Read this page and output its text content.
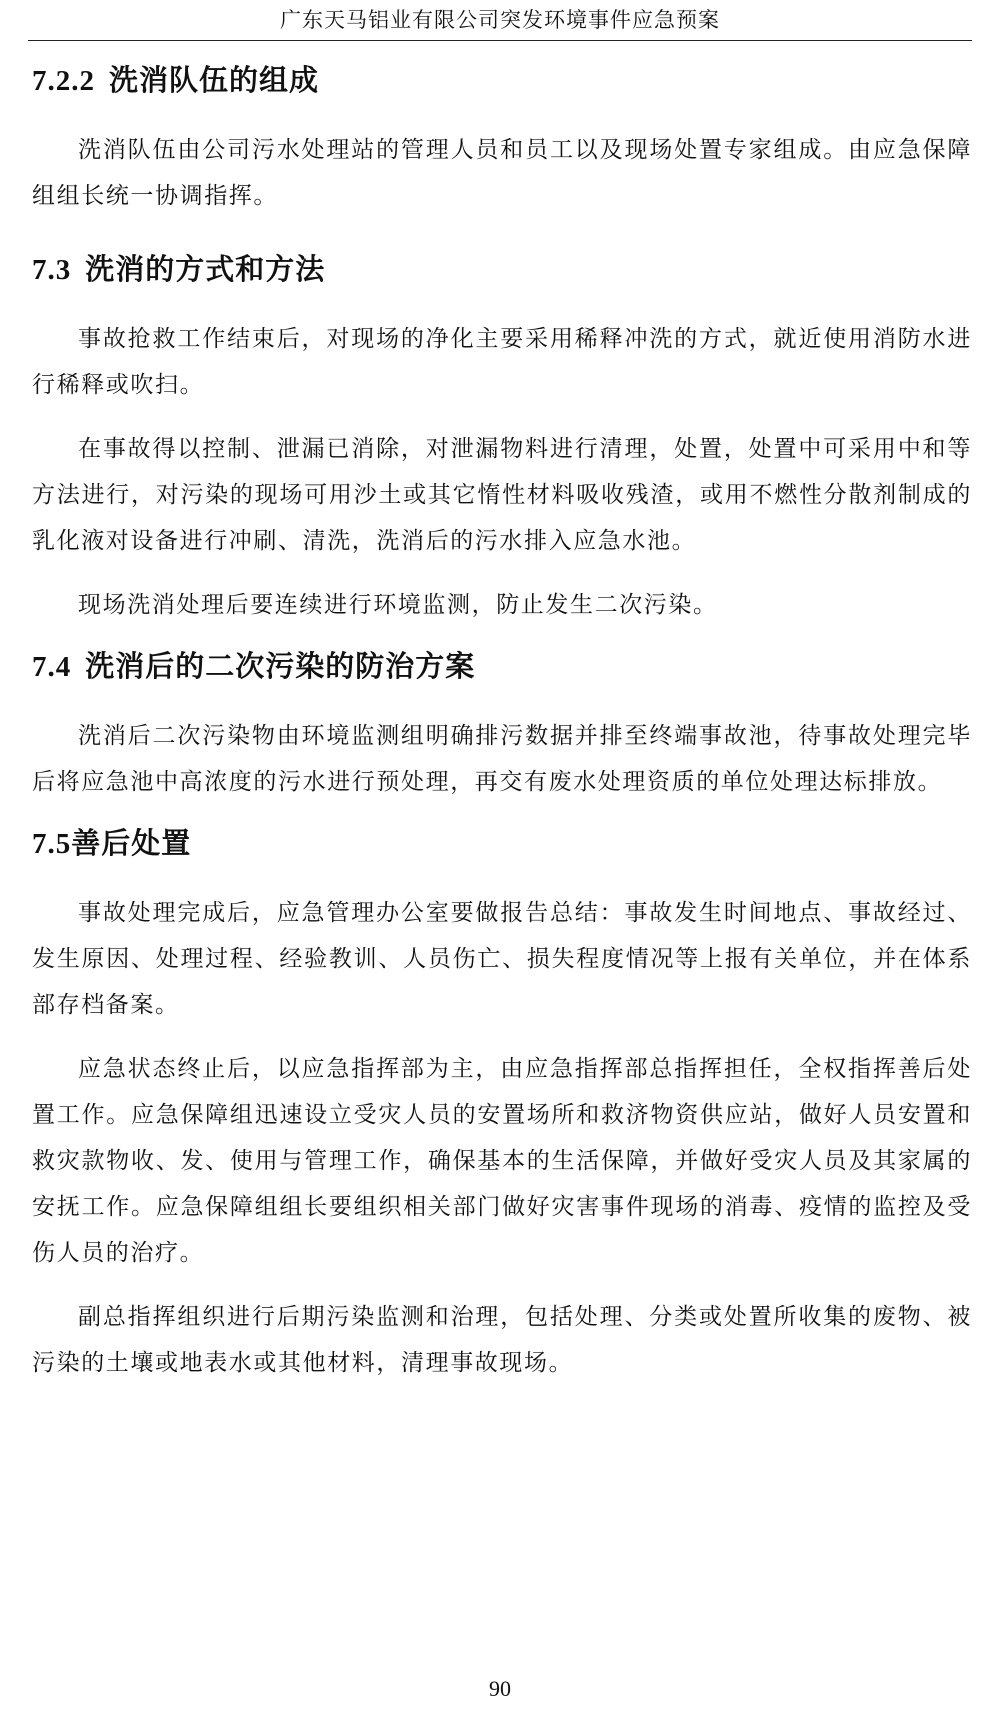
广东天马铝业有限公司突发环境事件应急预案
7.2.2 洗消队伍的组成

洗消队伍由公司污水处理站的管理人员和员工以及现场处置专家组成。由应急保障组组长统一协调指挥。

7.3 洗消的方式和方法

事故抢救工作结束后，对现场的净化主要采用稀释冲洗的方式，就近使用消防水进行稀释或吹扫。

在事故得以控制、泄漏已消除，对泄漏物料进行清理，处置，处置中可采用中和等方法进行，对污染的现场可用沙土或其它惰性材料吸收残渣，或用不燃性分散剂制成的乳化液对设备进行冲刷、清洗，洗消后的污水排入应急水池。

现场洗消处理后要连续进行环境监测，防止发生二次污染。

7.4 洗消后的二次污染的防治方案

洗消后二次污染物由环境监测组明确排污数据并排至终端事故池，待事故处理完毕后将应急池中高浓度的污水进行预处理，再交有废水处理资质的单位处理达标排放。

7.5善后处置

事故处理完成后，应急管理办公室要做报告总结：事故发生时间地点、事故经过、发生原因、处理过程、经验教训、人员伤亡、损失程度情况等上报有关单位，并在体系部存档备案。

应急状态终止后，以应急指挥部为主，由应急指挥部总指挥担任，全权指挥善后处置工作。应急保障组迅速设立受灾人员的安置场所和救济物资供应站，做好人员安置和救灾款物收、发、使用与管理工作，确保基本的生活保障，并做好受灾人员及其家属的安抚工作。应急保障组组长要组织相关部门做好灾害事件现场的消毒、疫情的监控及受伤人员的治疗。

副总指挥组织进行后期污染监测和治理，包括处理、分类或处置所收集的废物、被污染的土壤或地表水或其他材料，清理事故现场。

90
